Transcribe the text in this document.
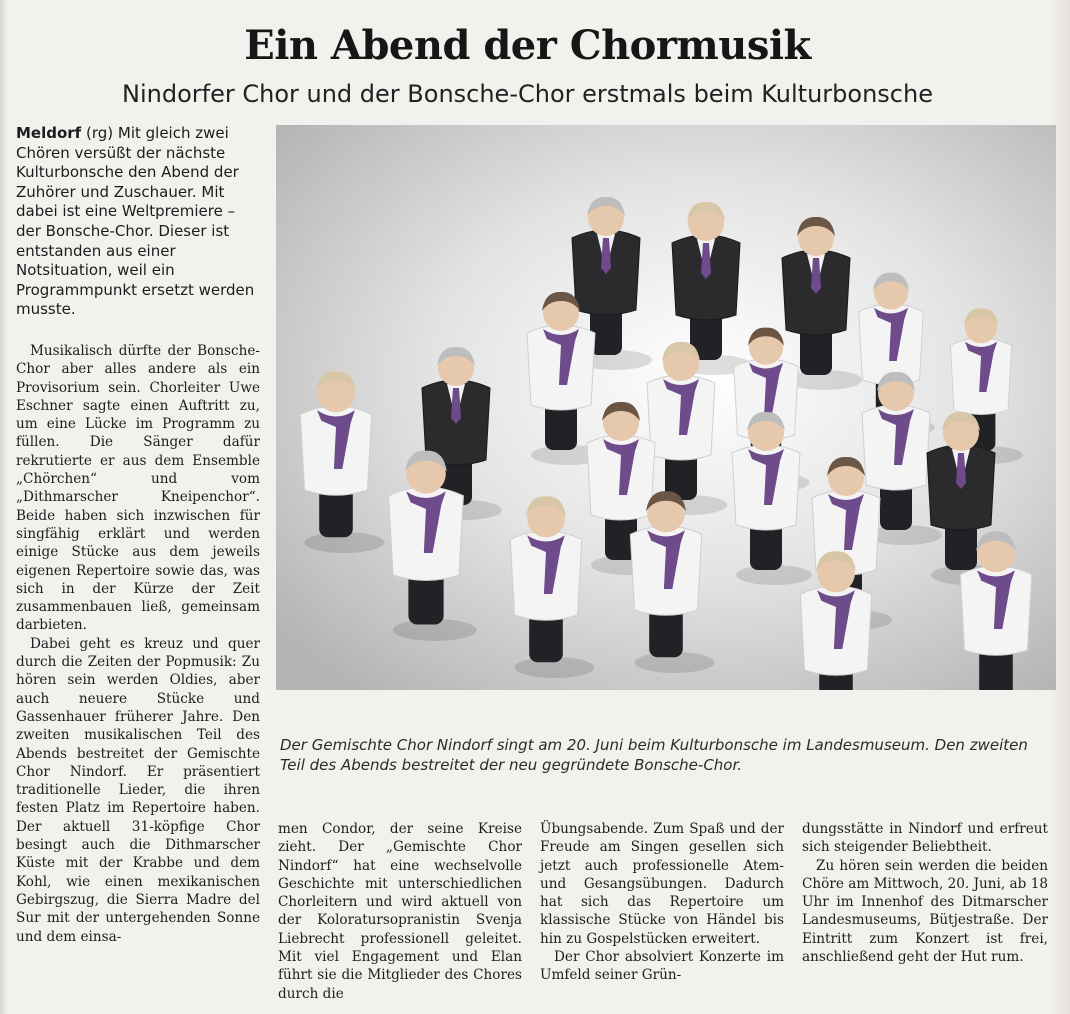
Ein Abend der Chormusik
Nindorfer Chor und der Bonsche-Chor erstmals beim Kulturbonsche

Meldorf (rg) Mit gleich zwei Chören versüßt der nächste Kulturbonsche den Abend der Zuhörer und Zuschauer. Mit dabei ist eine Weltpremiere – der Bonsche-Chor. Dieser ist entstanden aus einer Notsituation, weil ein Programmpunkt ersetzt werden musste.

Musikalisch dürfte der Bonsche-Chor aber alles andere als ein Provisorium sein. Chorleiter Uwe Eschner sagte einen Auftritt zu, um eine Lücke im Programm zu füllen. Die Sänger dafür rekrutierte er aus dem Ensemble „Chörchen“ und vom „Dithmarscher Kneipenchor“. Beide haben sich inzwischen für singfähig erklärt und werden einige Stücke aus dem jeweils eigenen Repertoire sowie das, was sich in der Kürze der Zeit zusammenbauen ließ, gemeinsam darbieten.

Dabei geht es kreuz und quer durch die Zeiten der Popmusik: Zu hören sein werden Oldies, aber auch neuere Stücke und Gassenhauer früherer Jahre. Den zweiten musikalischen Teil des Abends bestreitet der Gemischte Chor Nindorf. Er präsentiert traditionelle Lieder, die ihren festen Platz im Repertoire haben. Der aktuell 31-köpfige Chor besingt auch die Dithmarscher Küste mit der Krabbe und dem Kohl, wie einen mexikanischen Gebirgszug, die Sierra Madre del Sur mit der untergehenden Sonne und dem einsa-

Der Gemischte Chor Nindorf singt am 20. Juni beim Kulturbonsche im Landesmuseum. Den zweiten Teil des Abends bestreitet der neu gegründete Bonsche-Chor.

men Condor, der seine Kreise zieht. Der „Gemischte Chor Nindorf“ hat eine wechselvolle Geschichte mit unterschiedlichen Chorleitern und wird aktuell von der Koloratursopranistin Svenja Liebrecht professionell geleitet. Mit viel Engagement und Elan führt sie die Mitglieder des Chores durch die

Übungsabende. Zum Spaß und der Freude am Singen gesellen sich jetzt auch professionelle Atem- und Gesangsübungen. Dadurch hat sich das Repertoire um klassische Stücke von Händel bis hin zu Gospelstücken erweitert.

Der Chor absolviert Konzerte im Umfeld seiner Grün-

dungsstätte in Nindorf und erfreut sich steigender Beliebtheit.

Zu hören sein werden die beiden Chöre am Mittwoch, 20. Juni, ab 18 Uhr im Innenhof des Ditmarscher Landesmuseums, Bütjestraße. Der Eintritt zum Konzert ist frei, anschließend geht der Hut rum.
